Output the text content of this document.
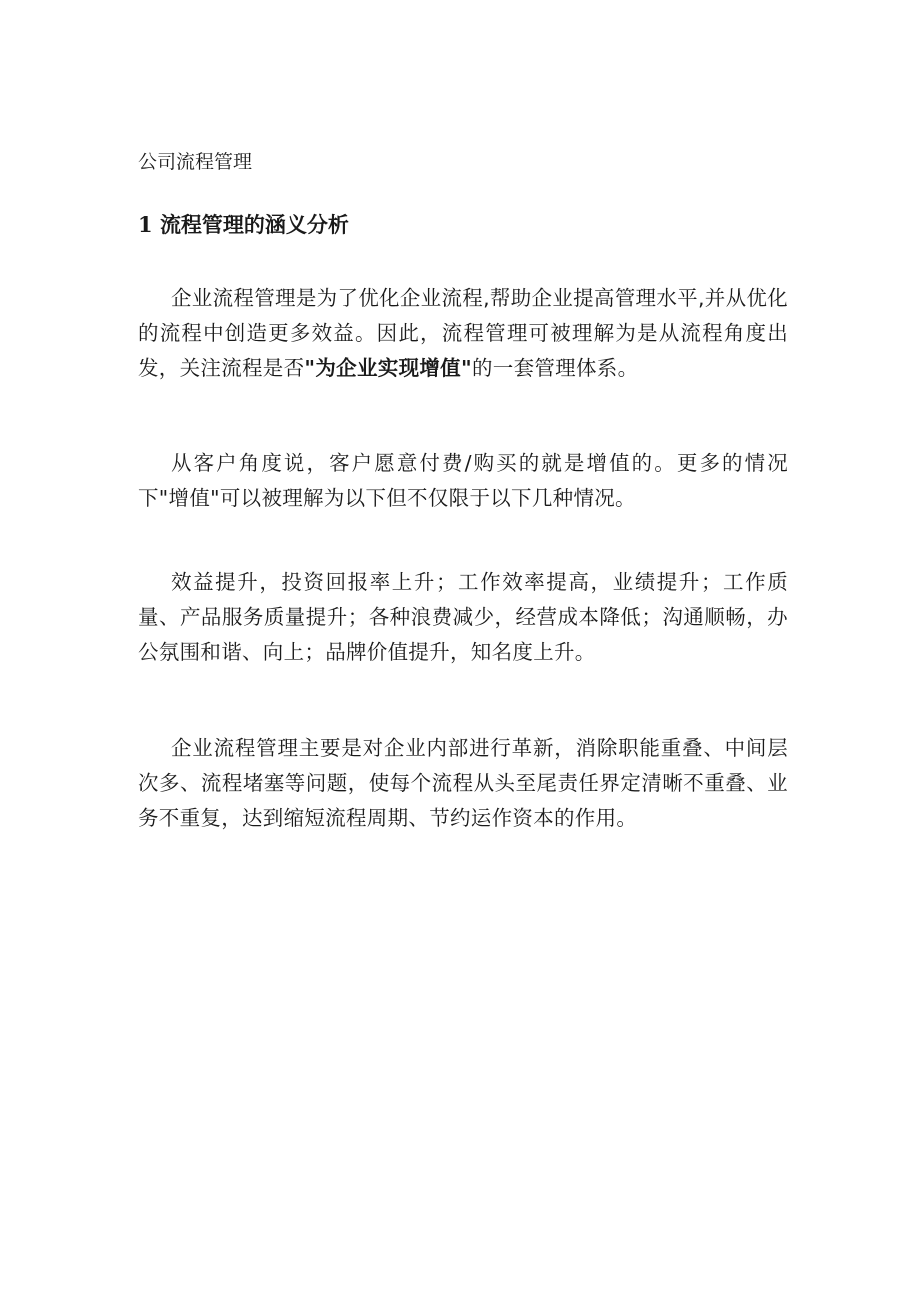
公司流程管理
1 流程管理的涵义分析

企业流程管理是为了优化企业流程,帮助企业提高管理水平,并从优化的流程中创造更多效益。因此，流程管理可被理解为是从流程角度出发，关注流程是否"为企业实现增值"的一套管理体系。

从客户角度说，客户愿意付费/购买的就是增值的。更多的情况下"增值"可以被理解为以下但不仅限于以下几种情况。

效益提升，投资回报率上升；工作效率提高，业绩提升；工作质量、产品服务质量提升；各种浪费减少，经营成本降低；沟通顺畅，办公氛围和谐、向上；品牌价值提升，知名度上升。

企业流程管理主要是对企业内部进行革新，消除职能重叠、中间层次多、流程堵塞等问题，使每个流程从头至尾责任界定清晰不重叠、业务不重复，达到缩短流程周期、节约运作资本的作用。
